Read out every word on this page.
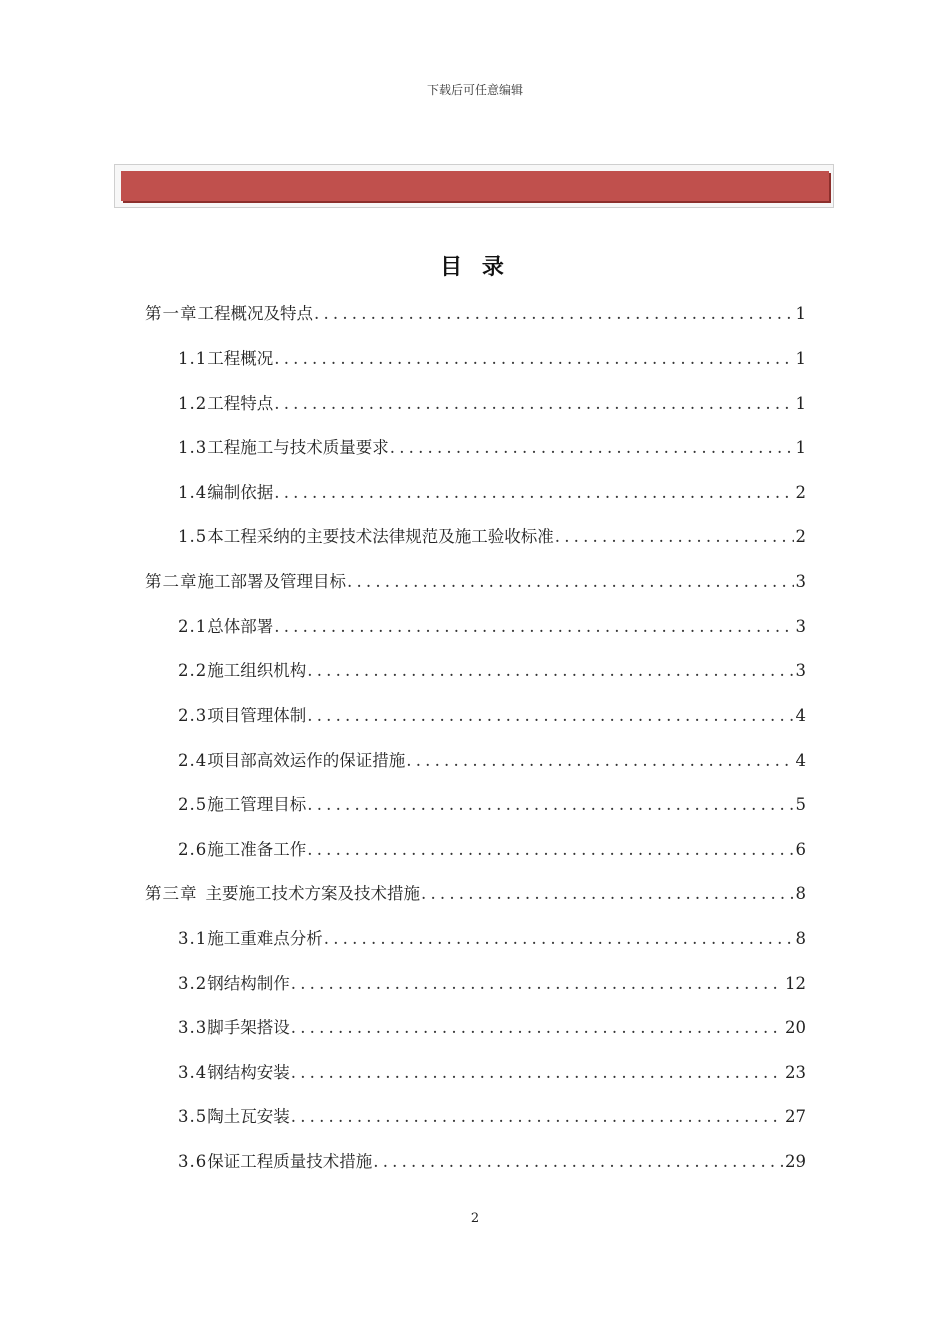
下载后可任意编辑
目 录
第一章 工程概况及特点 .....	1
1.1 工程概况 .....	1
1.2 工程特点 .....	1
1.3 工程施工与技术质量要求 .....	1
1.4 编制依据 .....	2
1.5 本工程采纳的主要技术法律规范及施工验收标准 .....	2
第二章 施工部署及管理目标 .....	3
2.1 总体部署 .....	3
2.2 施工组织机构 .....	3
2.3 项目管理体制 .....	4
2.4 项目部高效运作的保证措施 .....	4
2.5 施工管理目标 .....	5
2.6 施工准备工作 .....	6
第三章 主要施工技术方案及技术措施 .....	8
3.1 施工重难点分析 .....	8
3.2 钢结构制作 .....	12
3.3 脚手架搭设 .....	20
3.4 钢结构安装 .....	23
3.5 陶土瓦安装 .....	27
3.6 保证工程质量技术措施 .....	29
2
